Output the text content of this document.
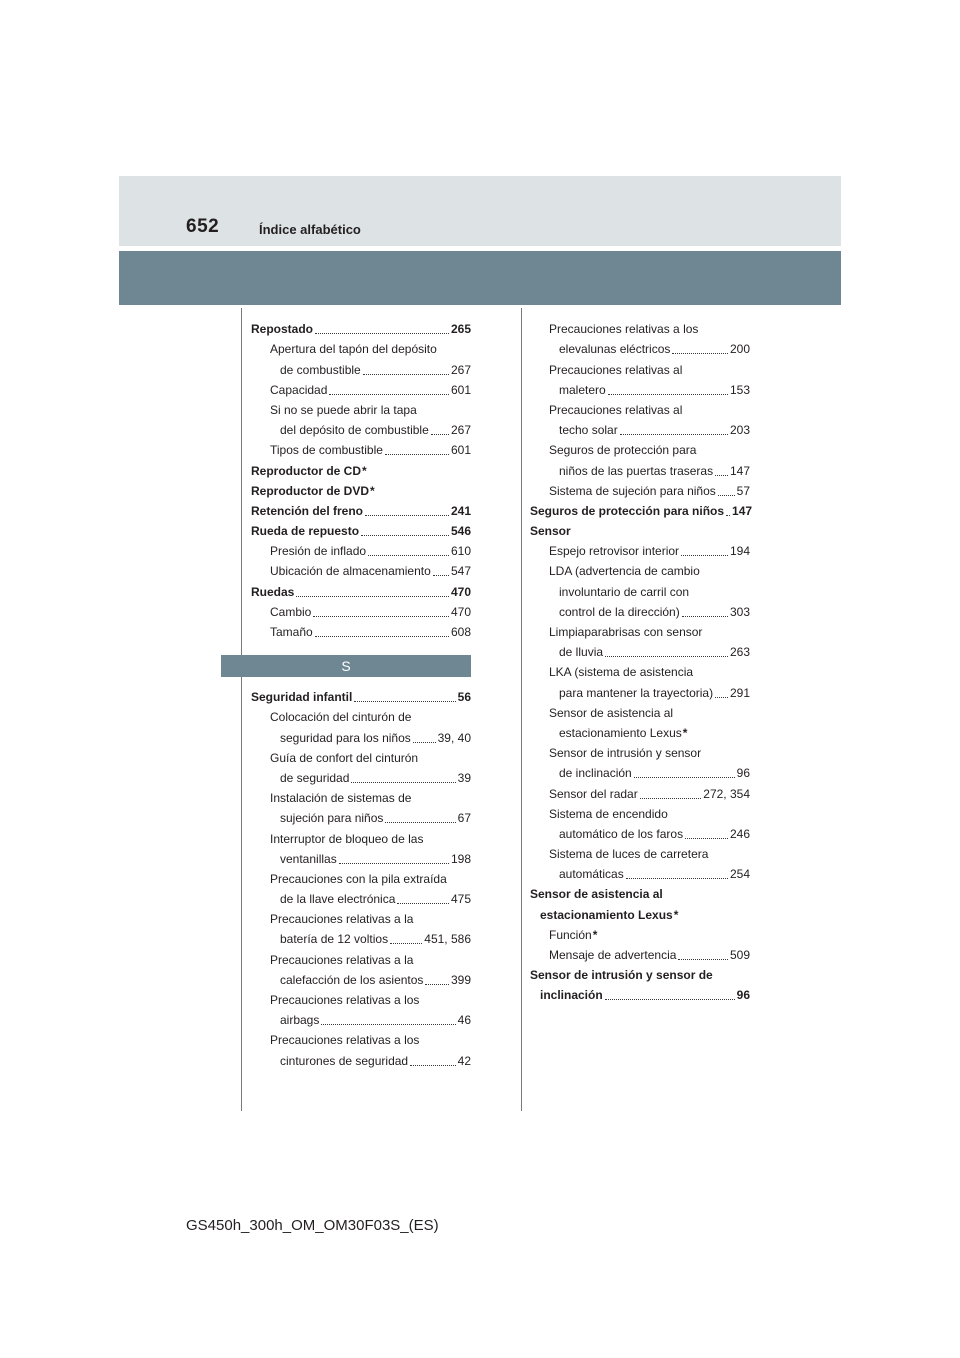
652	Índice alfabético
Repostado	265
Apertura del tapón del depósito
de combustible	267
Capacidad	601
Si no se puede abrir la tapa
del depósito de combustible 267
Tipos de combustible	601
Reproductor de CD *
Reproductor de DVD *
Retención del freno	241
Rueda de repuesto	546
Presión de inflado	610
Ubicación de almacenamiento 547
Ruedas	470
Cambio	470
Tamaño	608
S
Seguridad infantil	56
Colocación del cinturón de
seguridad para los niños 39, 40
Guía de confort del cinturón
de seguridad	39
Instalación de sistemas de
sujeción para niños	67
Interruptor de bloqueo de las
ventanillas	198
Precauciones con la pila extraída
de la llave electrónica	475
Precauciones relativas a la
batería de 12 voltios	451, 586
Precauciones relativas a la
calefacción de los asientos 399
Precauciones relativas a los
airbags	46
Precauciones relativas a los
cinturones de seguridad	42
Precauciones relativas a los
elevalunas eléctricos	200
Precauciones relativas al
maletero	153
Precauciones relativas al
techo solar	203
Seguros de protección para
niños de las puertas traseras 147
Sistema de sujeción para niños 57
Seguros de protección para niños 147
Sensor
Espejo retrovisor interior	194
LDA (advertencia de cambio
involuntario de carril con
control de la dirección)	303
Limpiaparabrisas con sensor
de lluvia	263
LKA (sistema de asistencia
para mantener la trayectoria) 291
Sensor de asistencia al
estacionamiento Lexus *
Sensor de intrusión y sensor
de inclinación	96
Sensor del radar	272, 354
Sistema de encendido
automático de los faros	246
Sistema de luces de carretera
automáticas	254
Sensor de asistencia al
estacionamiento Lexus *
Función *
Mensaje de advertencia	509
Sensor de intrusión y sensor de
inclinación	96
GS450h_300h_OM_OM30F03S_(ES)
